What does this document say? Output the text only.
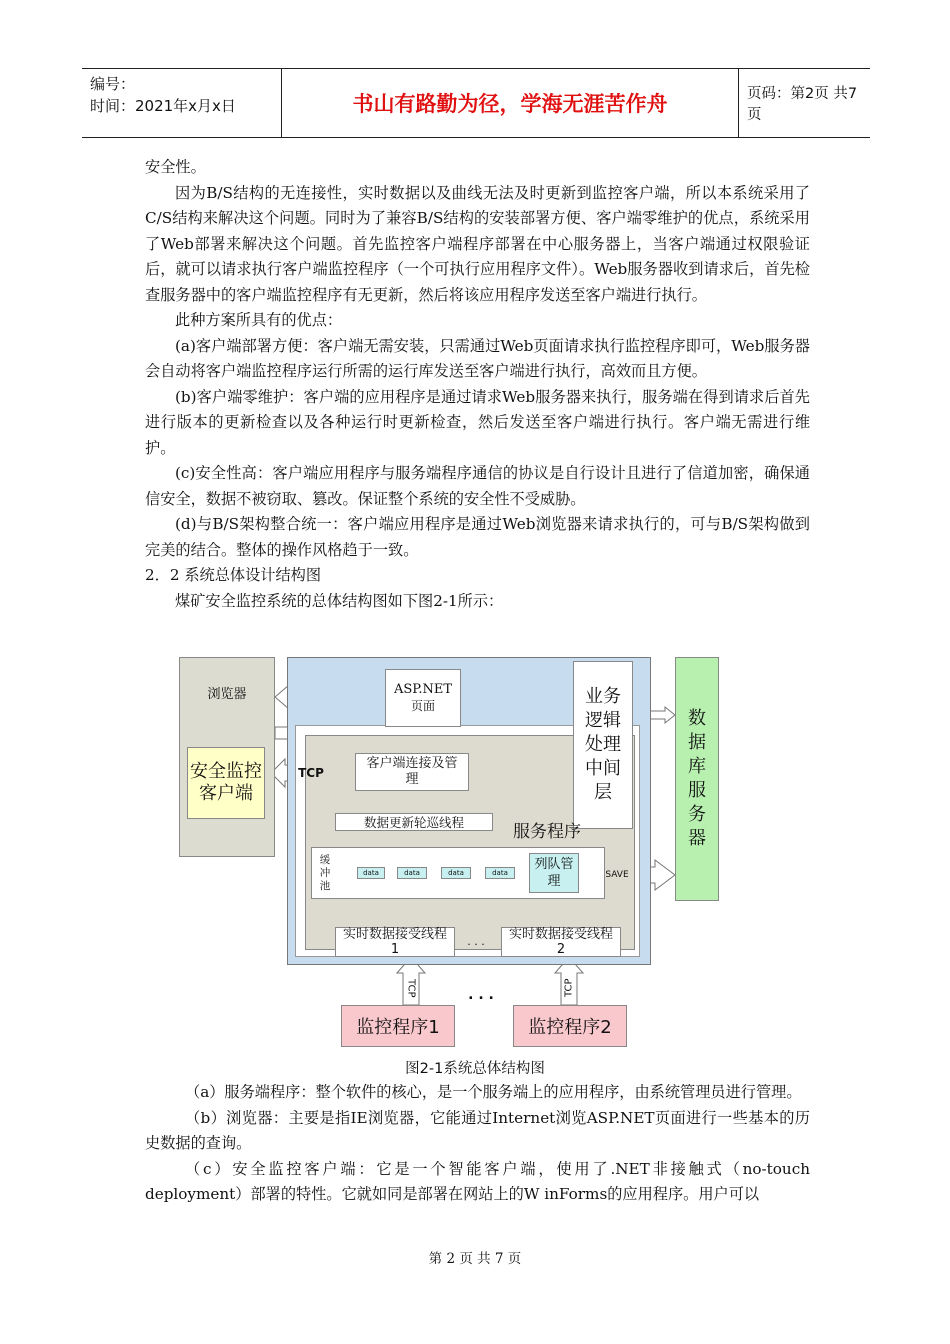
编号：
时间：2021年x月x日	书山有路勤为径，学海无涯苦作舟	页码：第2页 共7页

安全性。

因为B/S结构的无连接性，实时数据以及曲线无法及时更新到监控客户端，所以本系统采用了C/S结构来解决这个问题。同时为了兼容B/S结构的安装部署方便、客户端零维护的优点，系统采用了Web部署来解决这个问题。首先监控客户端程序部署在中心服务器上，当客户端通过权限验证后，就可以请求执行客户端监控程序（一个可执行应用程序文件）。Web服务器收到请求后，首先检查服务器中的客户端监控程序有无更新，然后将该应用程序发送至客户端进行执行。

此种方案所具有的优点：

(a)客户端部署方便：客户端无需安装，只需通过Web页面请求执行监控程序即可，Web服务器会自动将客户端监控程序运行所需的运行库发送至客户端进行执行，高效而且方便。

(b)客户端零维护：客户端的应用程序是通过请求Web服务器来执行，服务端在得到请求后首先进行版本的更新检查以及各种运行时更新检查，然后发送至客户端进行执行。客户端无需进行维护。

(c)安全性高：客户端应用程序与服务端程序通信的协议是自行设计且进行了信道加密，确保通信安全，数据不被窃取、篡改。保证整个系统的安全性不受威胁。

(d)与B/S架构整合统一：客户端应用程序是通过Web浏览器来请求执行的，可与B/S架构做到完美的结合。整体的操作风格趋于一致。

2．2 系统总体设计结构图

煤矿安全监控系统的总体结构图如下图2-1所示：

浏览器
安全监控客户端
ASP.NET
页面	业务逻辑处理中间层
数据库服务器
TCP
客户端连接及管理
数据更新轮巡线程	服务程序
缓冲池
data	data	data	data
列队管理	SAVE
实时数据接受线程1
. . .	实时数据接受线程2
TCP	TCP
. . .
监控程序1	监控程序2
图2-1系统总体结构图

（a）服务端程序：整个软件的核心，是一个服务端上的应用程序，由系统管理员进行管理。

（b）浏览器：主要是指IE浏览器，它能通过Internet浏览ASP.NET页面进行一些基本的历史数据的查询。

（c）安全监控客户端：它是一个智能客户端，使用了.NET非接触式（no-touch deployment）部署的特性。它就如同是部署在网站上的W inForms的应用程序。用户可以

第 2 页 共 7 页
